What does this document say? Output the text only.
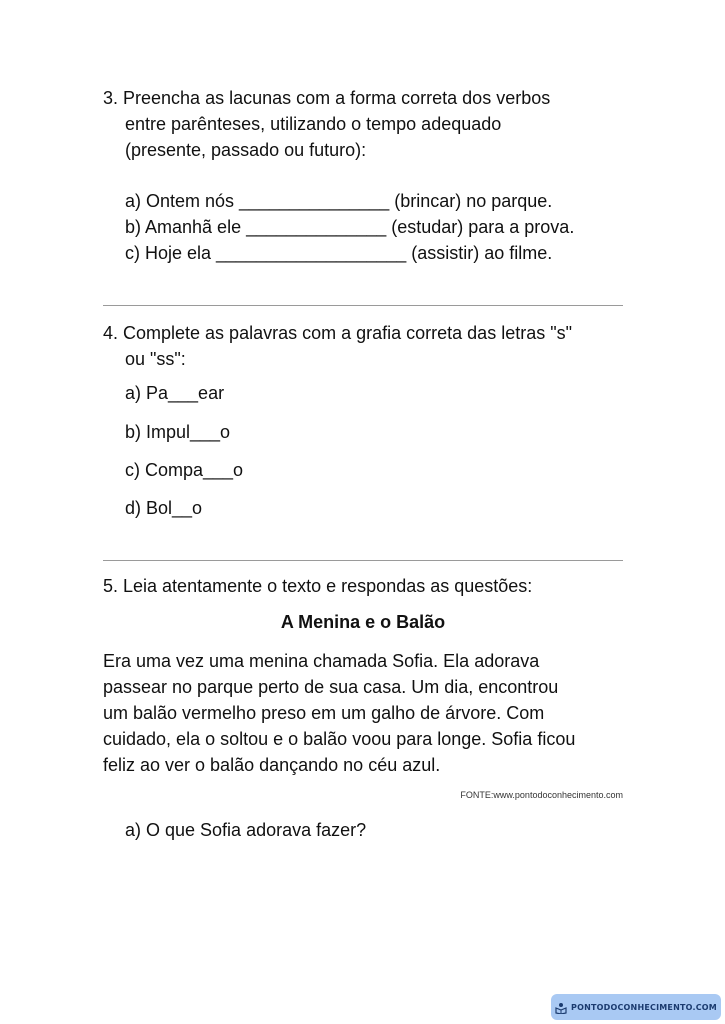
3. Preencha as lacunas com a forma correta dos verbos
entre parênteses, utilizando o tempo adequado
(presente, passado ou futuro):
a) Ontem nós _______________ (brincar) no parque.
b) Amanhã ele ______________ (estudar) para a prova.
c) Hoje ela ___________________ (assistir) ao filme.
4. Complete as palavras com a grafia correta das letras "s"
ou "ss":
a) Pa___ear
b) Impul___o
c) Compa___o
d) Bol__o
5. Leia atentamente o texto e respondas as questões:
A Menina e o Balão
Era uma vez uma menina chamada Sofia. Ela adorava
passear no parque perto de sua casa. Um dia, encontrou
um balão vermelho preso em um galho de árvore. Com
cuidado, ela o soltou e o balão voou para longe. Sofia ficou
feliz ao ver o balão dançando no céu azul.
FONTE:www.pontodoconhecimento.com
a) O que Sofia adorava fazer?
PONTODOCONHECIMENTO.COM
